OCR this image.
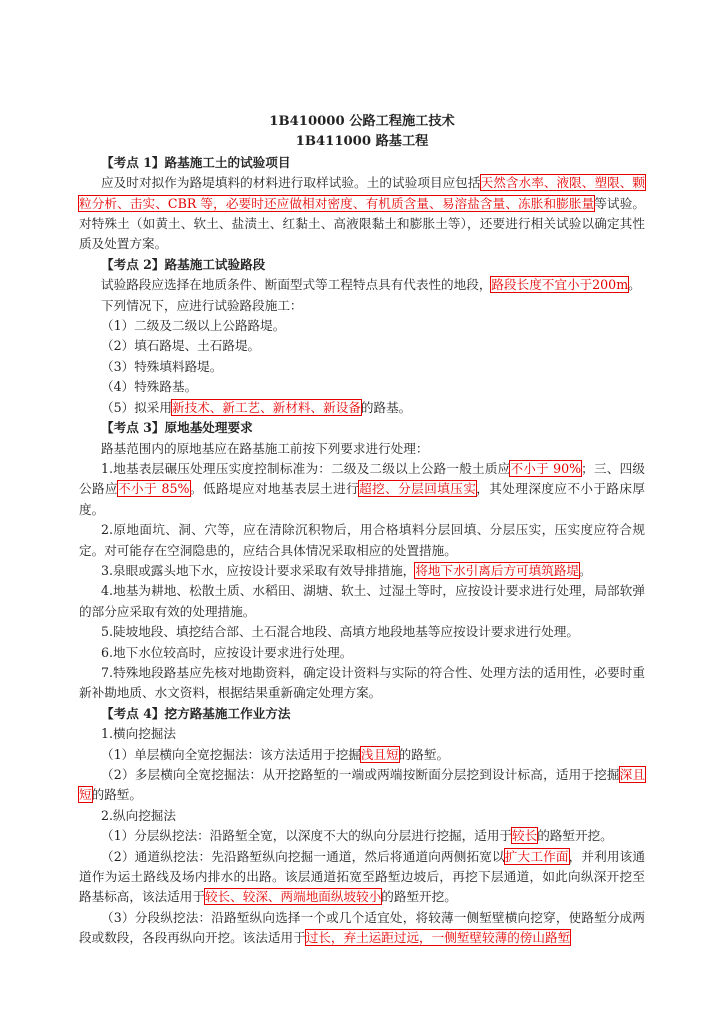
1B410000 公路工程施工技术
1B411000 路基工程
【考点 1】路基施工土的试验项目
应及时对拟作为路堤填料的材料进行取样试验。土的试验项目应包括天然含水率、液限、塑限、颗粒分析、击实、CBR 等，必要时还应做相对密度、有机质含量、易溶盐含量、冻胀和膨胀量等试验。对特殊土（如黄土、软土、盐渍土、红黏土、高液限黏土和膨胀土等），还要进行相关试验以确定其性质及处置方案。
【考点 2】路基施工试验路段
试验路段应选择在地质条件、断面型式等工程特点具有代表性的地段，路段长度不宜小于200m。
下列情况下，应进行试验路段施工：
（1）二级及二级以上公路路堤。
（2）填石路堤、土石路堤。
（3）特殊填料路堤。
（4）特殊路基。
（5）拟采用新技术、新工艺、新材料、新设备的路基。
【考点 3】原地基处理要求
路基范围内的原地基应在路基施工前按下列要求进行处理：
1.地基表层碾压处理压实度控制标准为：二级及二级以上公路一般土质应不小于 90%；三、四级公路应不小于 85%。低路堤应对地基表层土进行超挖、分层回填压实，其处理深度应不小于路床厚度。
2.原地面坑、洞、穴等，应在清除沉积物后，用合格填料分层回填、分层压实，压实度应符合规定。对可能存在空洞隐患的，应结合具体情况采取相应的处置措施。
3.泉眼或露头地下水，应按设计要求采取有效导排措施，将地下水引离后方可填筑路堤。
4.地基为耕地、松散土质、水稻田、湖塘、软土、过湿土等时，应按设计要求进行处理，局部软弹的部分应采取有效的处理措施。
5.陡坡地段、填挖结合部、土石混合地段、高填方地段地基等应按设计要求进行处理。
6.地下水位较高时，应按设计要求进行处理。
7.特殊地段路基应先核对地勘资料，确定设计资料与实际的符合性、处理方法的适用性，必要时重新补勘地质、水文资料，根据结果重新确定处理方案。
【考点 4】挖方路基施工作业方法
1.横向挖掘法
（1）单层横向全宽挖掘法：该方法适用于挖掘浅且短的路堑。
（2）多层横向全宽挖掘法：从开挖路堑的一端或两端按断面分层挖到设计标高，适用于挖掘深且短的路堑。
2.纵向挖掘法
（1）分层纵挖法：沿路堑全宽，以深度不大的纵向分层进行挖掘，适用于较长的路堑开挖。
（2）通道纵挖法：先沿路堑纵向挖掘一通道，然后将通道向两侧拓宽以扩大工作面，并利用该通道作为运土路线及场内排水的出路。该层通道拓宽至路堑边坡后，再挖下层通道，如此向纵深开挖至路基标高，该法适用于较长、较深、两端地面纵坡较小的路堑开挖。
（3）分段纵挖法：沿路堑纵向选择一个或几个适宜处，将较薄一侧堑壁横向挖穿，使路堑分成两段或数段，各段再纵向开挖。该法适用于过长，弃土运距过远，一侧堑壁较薄的傍山路堑
